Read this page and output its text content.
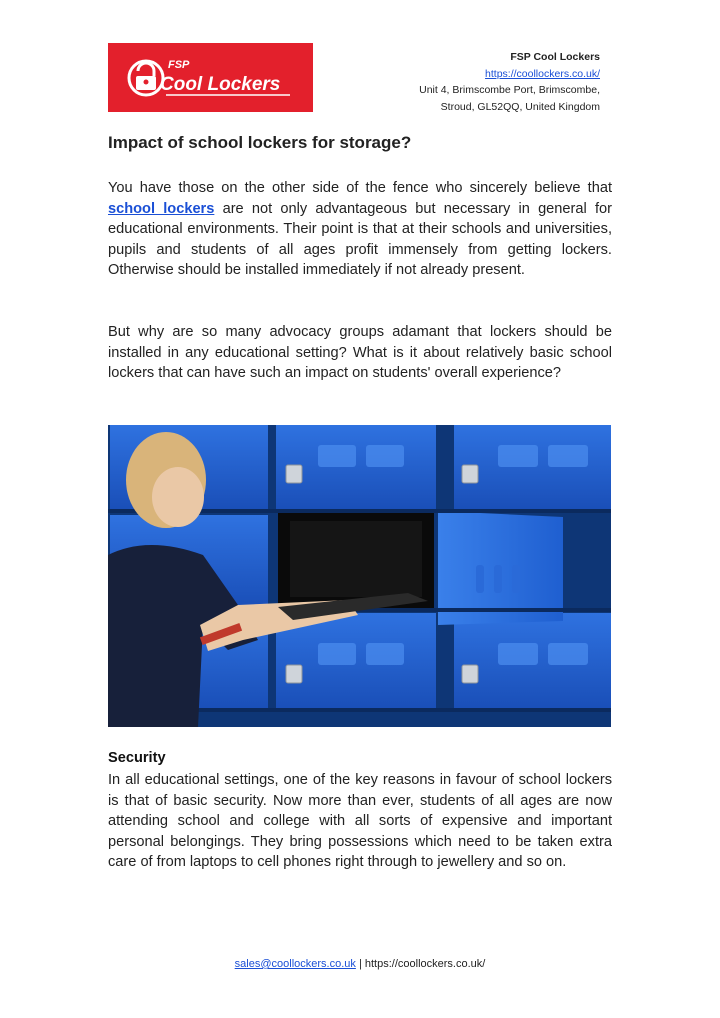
FSP
Cool Lockers
FSP Cool Lockers
https://coollockers.co.uk/
Unit 4, Brimscombe Port, Brimscombe,
Stroud, GL52QQ, United Kingdom
Impact of school lockers for storage?

You have those on the other side of the fence who sincerely believe that school lockers are not only advantageous but necessary in general for educational environments. Their point is that at their schools and universities, pupils and students of all ages profit immensely from getting lockers. Otherwise should be installed immediately if not already present.

But why are so many advocacy groups adamant that lockers should be installed in any educational setting? What is it about relatively basic school lockers that can have such an impact on students' overall experience?

Security

In all educational settings, one of the key reasons in favour of school lockers is that of basic security. Now more than ever, students of all ages are now attending school and college with all sorts of expensive and important personal belongings. They bring possessions which need to be taken extra care of from laptops to cell phones right through to jewellery and so on.

sales@coollockers.co.uk | https://coollockers.co.uk/
